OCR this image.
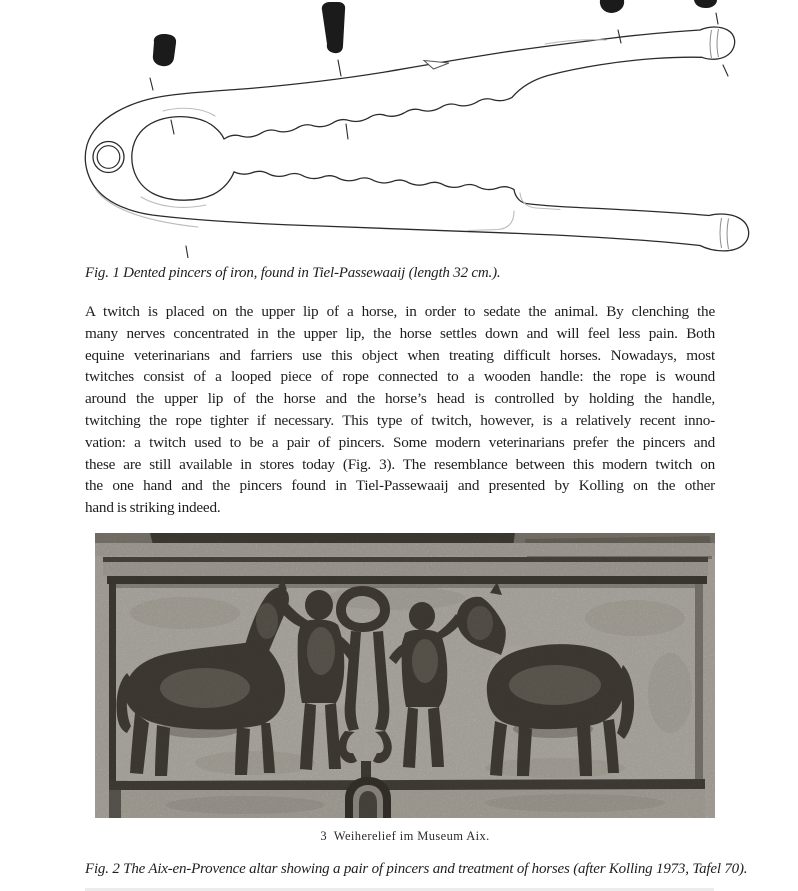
Fig. 1 Dented pincers of iron, found in Tiel-Passewaaij (length 32 cm.).
A twitch is placed on the upper lip of a horse, in order to sedate the animal. By clenching the
many nerves concentrated in the upper lip, the horse settles down and will feel less pain. Both
equine veterinarians and farriers use this object when treating difficult horses. Nowadays, most
twitches consist of a looped piece of rope connected to a wooden handle: the rope is wound
around the upper lip of the horse and the horse’s head is controlled by holding the handle,
twitching the rope tighter if necessary. This type of twitch, however, is a relatively recent inno-
vation: a twitch used to be a pair of pincers. Some modern veterinarians prefer the pincers and
these are still available in stores today (Fig. 3). The resemblance between this modern twitch on
the one hand and the pincers found in Tiel-Passewaaij and presented by Kolling on the other
hand is striking indeed.
3  Weiherelief im Museum Aix.
Fig. 2 The Aix-en-Provence altar showing a pair of pincers and treatment of horses (after Kolling 1973, Tafel 70).
